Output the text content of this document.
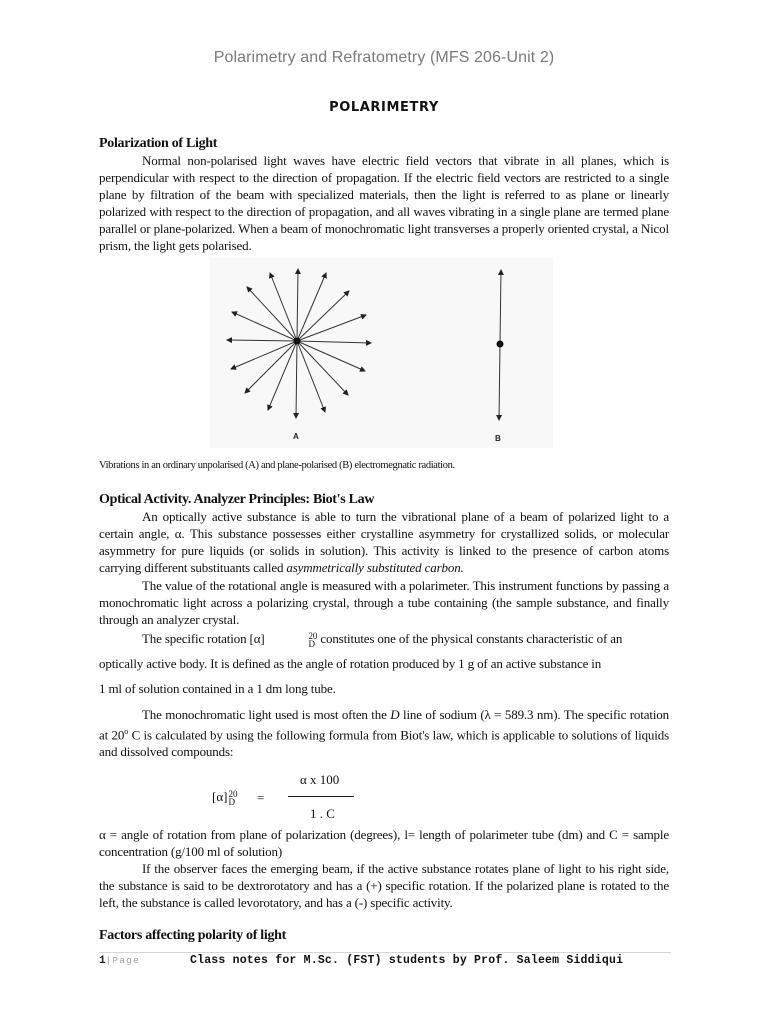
Polarimetry and Refratometry (MFS 206-Unit 2)
POLARIMETRY
Polarization of Light

Normal non-polarised light waves have electric field vectors that vibrate in all planes, which is perpendicular with respect to the direction of propagation. If the electric field vectors are restricted to a single plane by filtration of the beam with specialized materials, then the light is referred to as plane or linearly polarized with respect to the direction of propagation, and all waves vibrating in a single plane are termed plane parallel or plane-polarized. When a beam of monochromatic light transverses a properly oriented crystal, a Nicol prism, the light gets polarised.

A	B
Vibrations in an ordinary unpolarised (A) and plane-polarised (B) electromegnatic radiation.
Optical Activity. Analyzer Principles: Biot's Law

An optically active substance is able to turn the vibrational plane of a beam of polarized light to a certain angle, α. This substance possesses either crystalline asymmetry for crystallized solids, or molecular asymmetry for pure liquids (or solids in solution). This activity is linked to the presence of carbon atoms carrying different substituants called asymmetrically substituted carbon.

The value of the rotational angle is measured with a polarimeter. This instrument functions by passing a monochromatic light across a polarizing crystal, through a tube containing (the sample substance, and finally through an analyzer crystal.

The specific rotation [α]	20
D constitutes one of the physical constants characteristic of an
optically active body. It is defined as the angle of rotation produced by 1 g of an active substance in
1 ml of solution contained in a 1 dm long tube.

The monochromatic light used is most often the D line of sodium (λ = 589.3 nm). The specific rotation at 20$^o$ C is calculated by using the following formula from Biot's law, which is applicable to solutions of liquids and dissolved compounds:

[α] 20
D =
α x 100
1 . C

α = angle of rotation from plane of polarization (degrees), l= length of polarimeter tube (dm) and C = sample concentration (g/100 ml of solution)

If the observer faces the emerging beam, if the active substance rotates plane of light to his right side, the substance is said to be dextrorotatory and has a (+) specific rotation. If the polarized plane is rotated to the left, the substance is called levorotatory, and has a (-) specific activity.

Factors affecting polarity of light
1|Page	Class notes for M.Sc. (FST) students by Prof. Saleem Siddiqui
